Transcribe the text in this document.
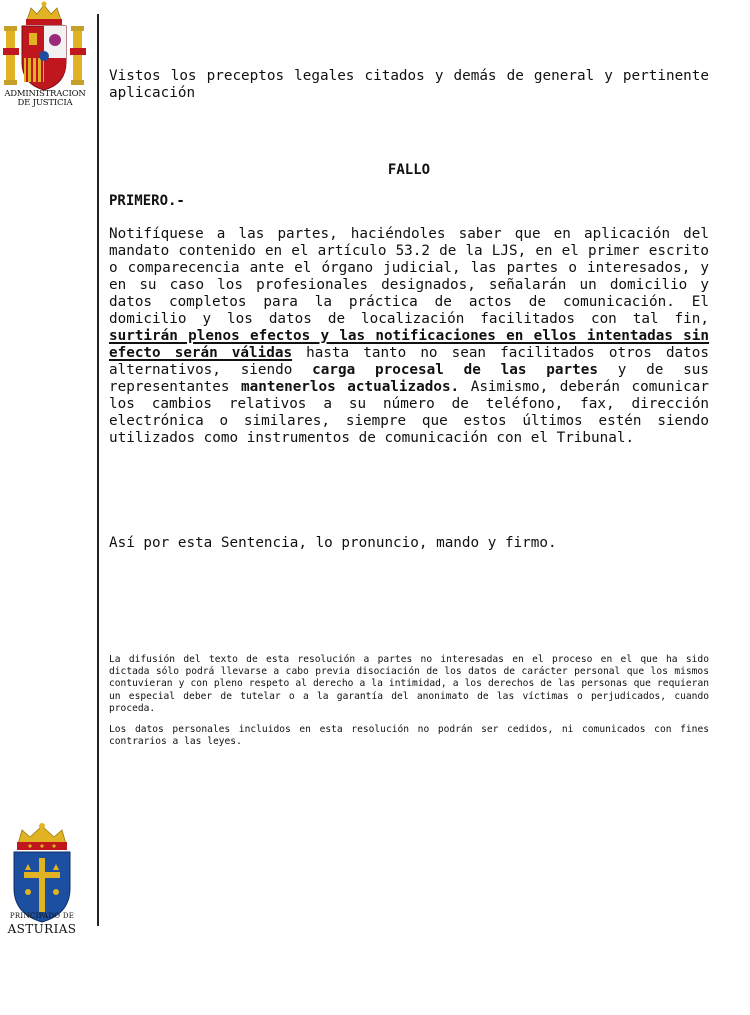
ADMINISTRACION DE JUSTICIA

Vistos los preceptos legales citados y demás de general y pertinente aplicación

FALLO

PRIMERO.-

Notifíquese a las partes, haciéndoles saber que en aplicación del mandato contenido en el artículo 53.2 de la LJS, en el primer escrito o comparecencia ante el órgano judicial, las partes o interesados, y en su caso los profesionales designados, señalarán un domicilio y datos completos para la práctica de actos de comunicación. El domicilio y los datos de localización facilitados con tal fin, surtirán plenos efectos y las notificaciones en ellos intentadas sin efecto serán válidas hasta tanto no sean facilitados otros datos alternativos, siendo carga procesal de las partes y de sus representantes mantenerlos actualizados. Asimismo, deberán comunicar los cambios relativos a su número de teléfono, fax, dirección electrónica o similares, siempre que estos últimos estén siendo utilizados como instrumentos de comunicación con el Tribunal.

Así por esta Sentencia, lo pronuncio, mando y firmo.

La difusión del texto de esta resolución a partes no interesadas en el proceso en el que ha sido dictada sólo podrá llevarse a cabo previa disociación de los datos de carácter personal que los mismos contuvieran y con pleno respeto al derecho a la intimidad, a los derechos de las personas que requieran un especial deber de tutelar o a la garantía del anonimato de las víctimas o perjudicados, cuando proceda.

Los datos personales incluidos en esta resolución no podrán ser cedidos, ni comunicados con fines contrarios a las leyes.

PRINCIPADO DE
ASTURIAS
